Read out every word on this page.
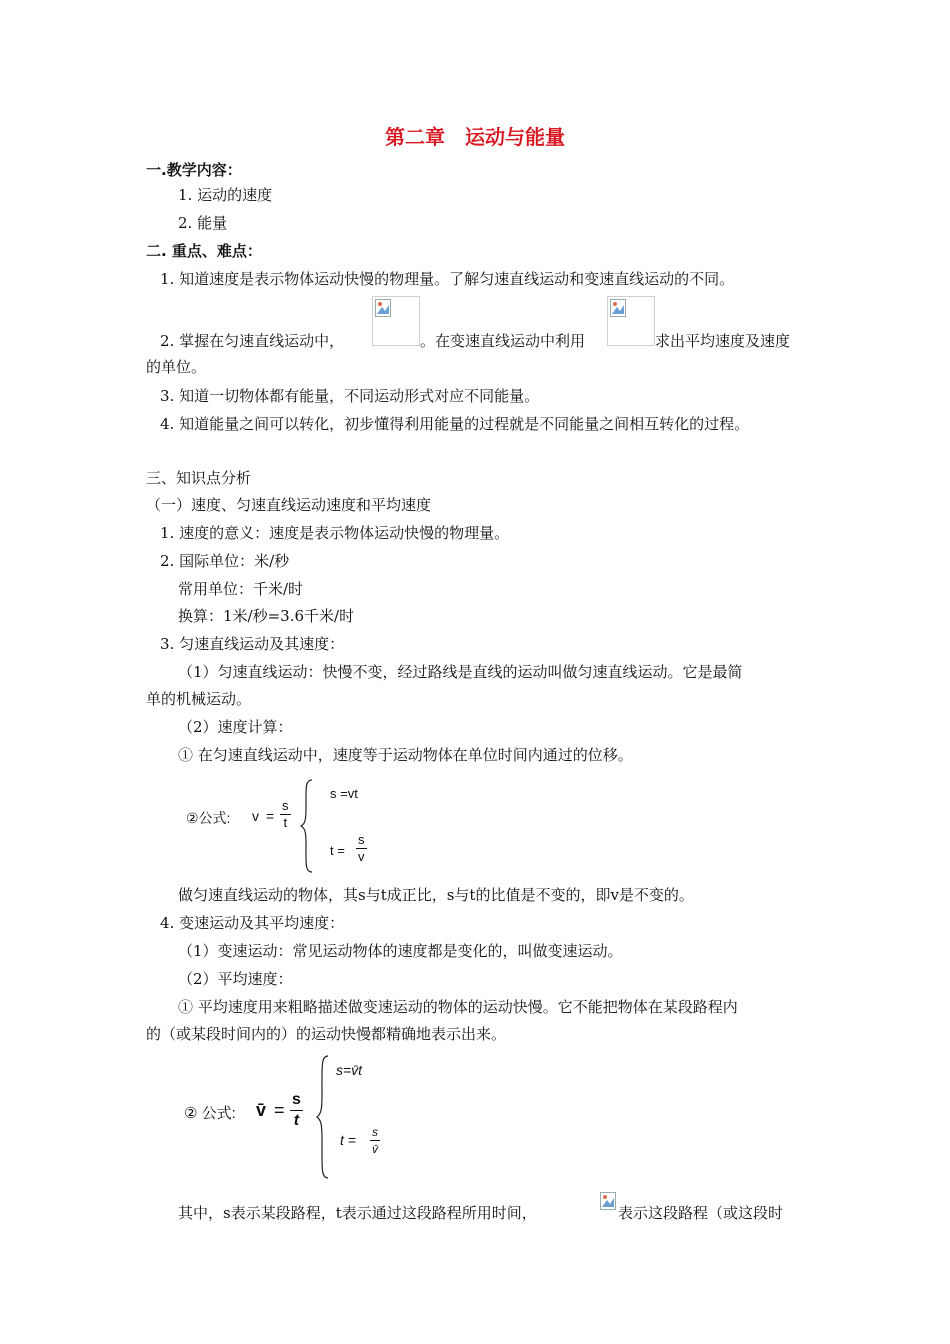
第二章　运动与能量
一.教学内容：
1. 运动的速度
2. 能量
二. 重点、难点：
1. 知道速度是表示物体运动快慢的物理量。了解匀速直线运动和变速直线运动的不同。
2. 掌握在匀速直线运动中，	。在变速直线运动中利用	求出平均速度及速度
的单位。
3. 知道一切物体都有能量，不同运动形式对应不同能量。
4. 知道能量之间可以转化，初步懂得利用能量的过程就是不同能量之间相互转化的过程。
三、知识点分析
（一）速度、匀速直线运动速度和平均速度
1. 速度的意义：速度是表示物体运动快慢的物理量。
2. 国际单位：米/秒
常用单位：千米/时
换算：1米/秒=3.6千米/时
3. 匀速直线运动及其速度：
（1）匀速直线运动：快慢不变，经过路线是直线的运动叫做匀速直线运动。它是最简
单的机械运动。
（2）速度计算：
① 在匀速直线运动中，速度等于运动物体在单位时间内通过的位移。
②公式: $v = \frac{s}{t}$
s =vt
$t = \frac{s}{v}$
做匀速直线运动的物体，其s与t成正比，s与t的比值是不变的，即v是不变的。
4. 变速运动及其平均速度：
（1）变速运动：常见运动物体的速度都是变化的，叫做变速运动。
（2）平均速度：
① 平均速度用来粗略描述做变速运动的物体的运动快慢。它不能把物体在某段路程内
的（或某段时间内的）的运动快慢都精确地表示出来。
② 公式: v̄ = $\frac{s}{t}$
s=v̄t
$t = \frac{s}{v̄}$
其中，s表示某段路程，t表示通过这段路程所用时间，	表示这段路程（或这段时
